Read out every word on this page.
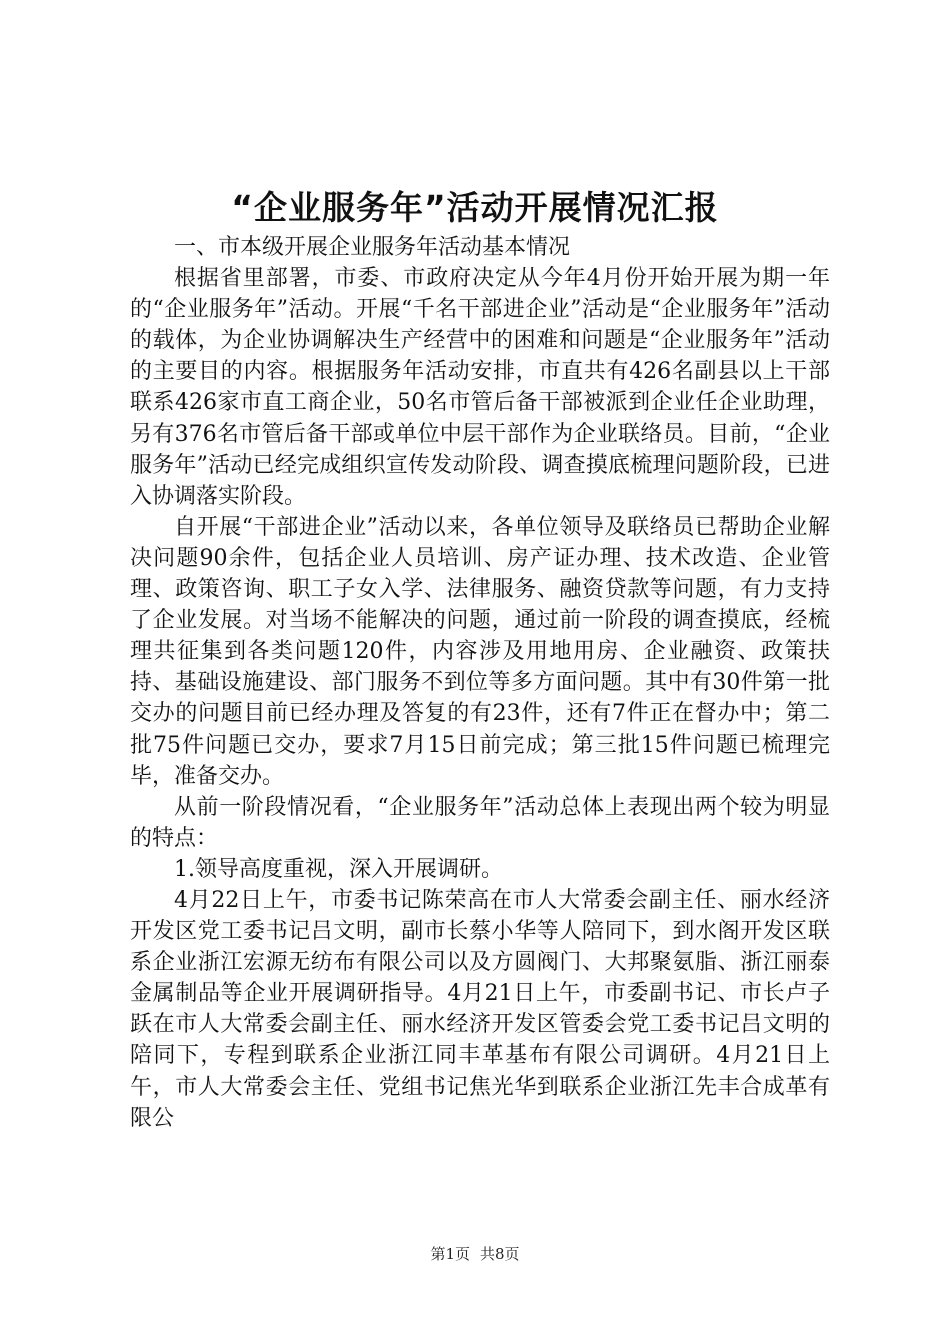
“企业服务年”活动开展情况汇报

一、市本级开展企业服务年活动基本情况

根据省里部署，市委、市政府决定从今年4月份开始开展为期一年的“企业服务年”活动。开展“千名干部进企业”活动是“企业服务年”活动的载体，为企业协调解决生产经营中的困难和问题是“企业服务年”活动的主要目的内容。根据服务年活动安排，市直共有426名副县以上干部联系426家市直工商企业，50名市管后备干部被派到企业任企业助理，另有376名市管后备干部或单位中层干部作为企业联络员。目前，“企业服务年”活动已经完成组织宣传发动阶段、调查摸底梳理问题阶段，已进入协调落实阶段。

自开展“干部进企业”活动以来，各单位领导及联络员已帮助企业解决问题90余件，包括企业人员培训、房产证办理、技术改造、企业管理、政策咨询、职工子女入学、法律服务、融资贷款等问题，有力支持了企业发展。对当场不能解决的问题，通过前一阶段的调查摸底，经梳理共征集到各类问题120件，内容涉及用地用房、企业融资、政策扶持、基础设施建设、部门服务不到位等多方面问题。其中有30件第一批交办的问题目前已经办理及答复的有23件，还有7件正在督办中；第二批75件问题已交办，要求7月15日前完成；第三批15件问题已梳理完毕，准备交办。

从前一阶段情况看，“企业服务年”活动总体上表现出两个较为明显的特点：

1.领导高度重视，深入开展调研。

4月22日上午，市委书记陈荣高在市人大常委会副主任、丽水经济开发区党工委书记吕文明，副市长蔡小华等人陪同下，到水阁开发区联系企业浙江宏源无纺布有限公司以及方圆阀门、大邦聚氨脂、浙江丽泰金属制品等企业开展调研指导。4月21日上午，市委副书记、市长卢子跃在市人大常委会副主任、丽水经济开发区管委会党工委书记吕文明的陪同下，专程到联系企业浙江同丰革基布有限公司调研。4月21日上午，市人大常委会主任、党组书记焦光华到联系企业浙江先丰合成革有限公

第1页 共8页
